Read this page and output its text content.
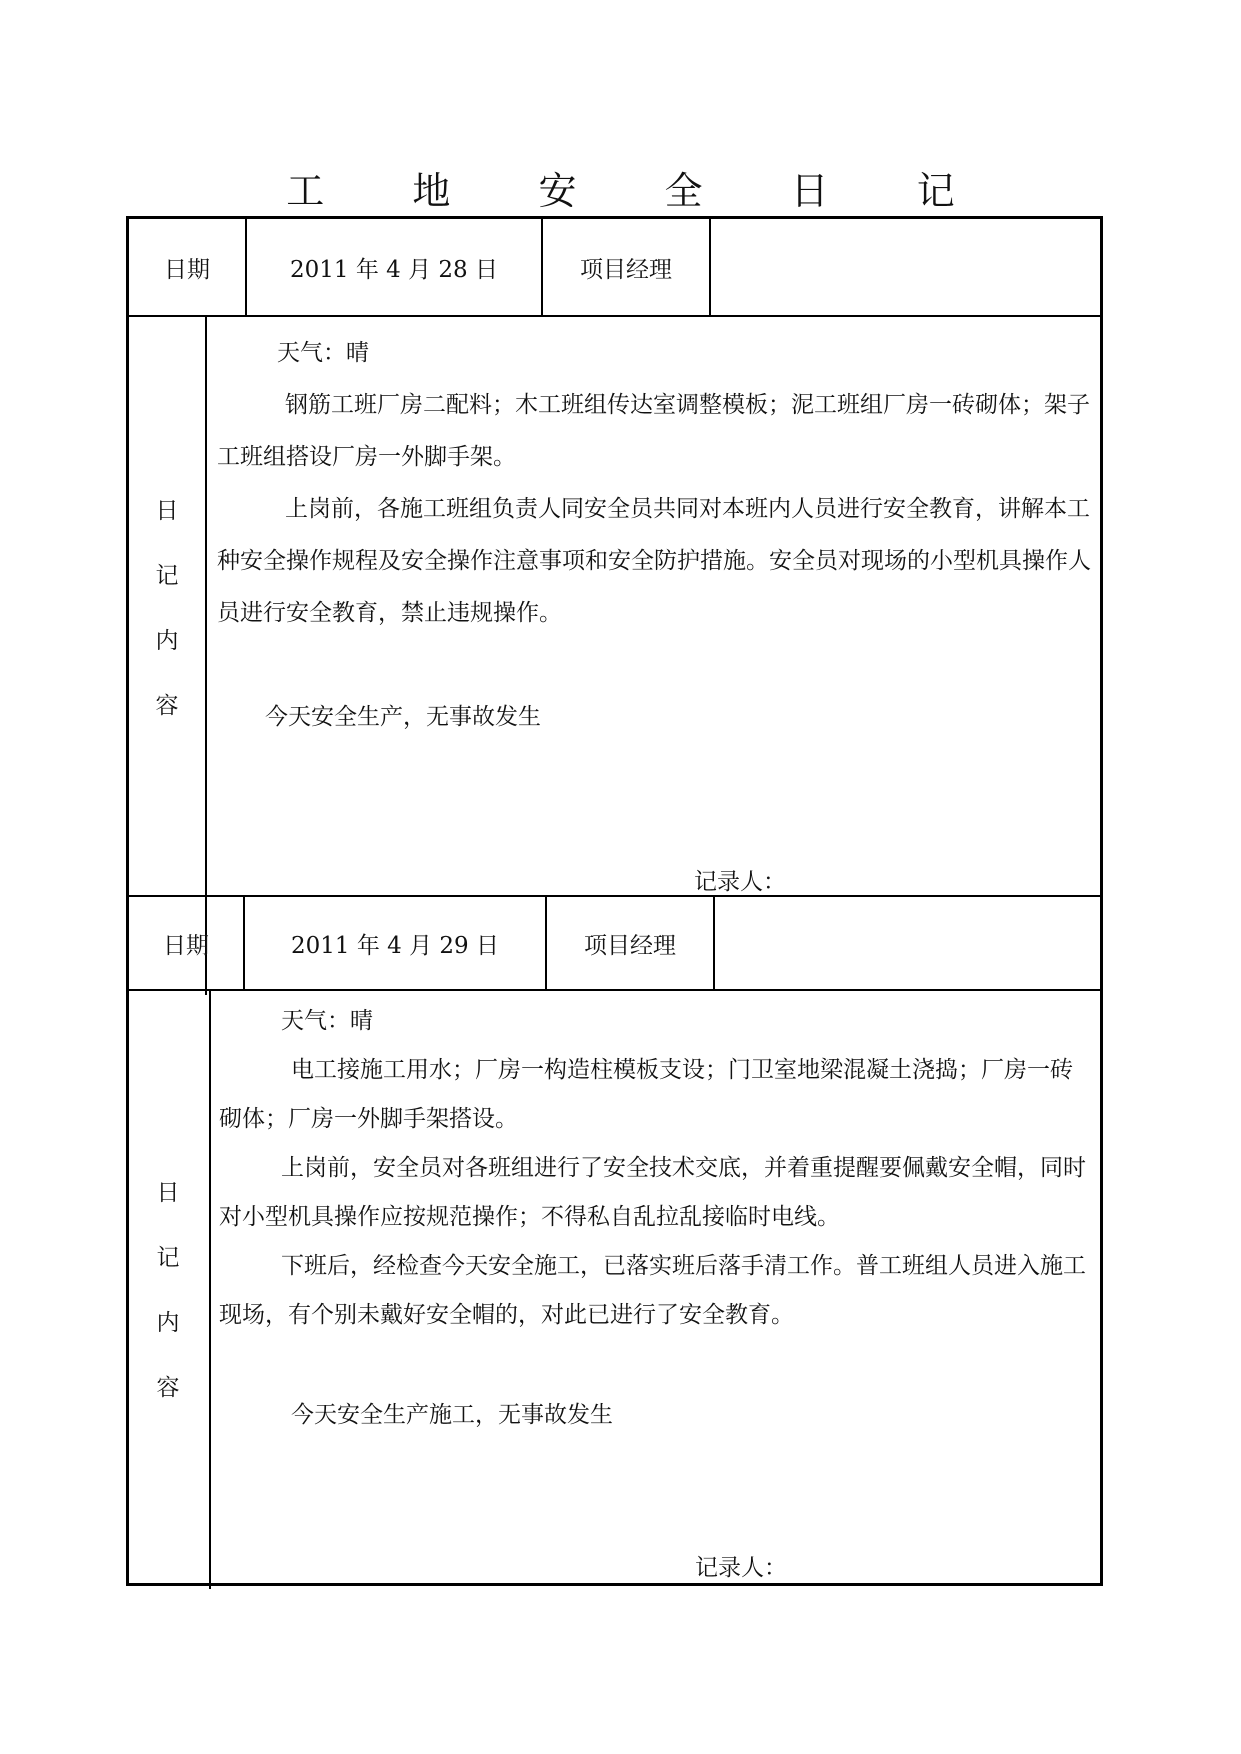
工 地 安 全 日 记
日期	2011 年 4 月 28 日	项目经理
日
记
内
容

天气：晴

钢筋工班厂房二配料；木工班组传达室调整模板；泥工班组厂房一砖砌体；架子工班组搭设厂房一外脚手架。

上岗前，各施工班组负责人同安全员共同对本班内人员进行安全教育，讲解本工种安全操作规程及安全操作注意事项和安全防护措施。安全员对现场的小型机具操作人员进行安全教育，禁止违规操作。

今天安全生产，无事故发生
记录人：
日期	2011 年 4 月 29 日	项目经理
日
记
内
容

天气：晴

电工接施工用水；厂房一构造柱模板支设；门卫室地梁混凝土浇捣；厂房一砖砌体；厂房一外脚手架搭设。

上岗前，安全员对各班组进行了安全技术交底，并着重提醒要佩戴安全帽，同时对小型机具操作应按规范操作；不得私自乱拉乱接临时电线。

下班后，经检查今天安全施工，已落实班后落手清工作。普工班组人员进入施工现场，有个别未戴好安全帽的，对此已进行了安全教育。

今天安全生产施工，无事故发生
记录人：
